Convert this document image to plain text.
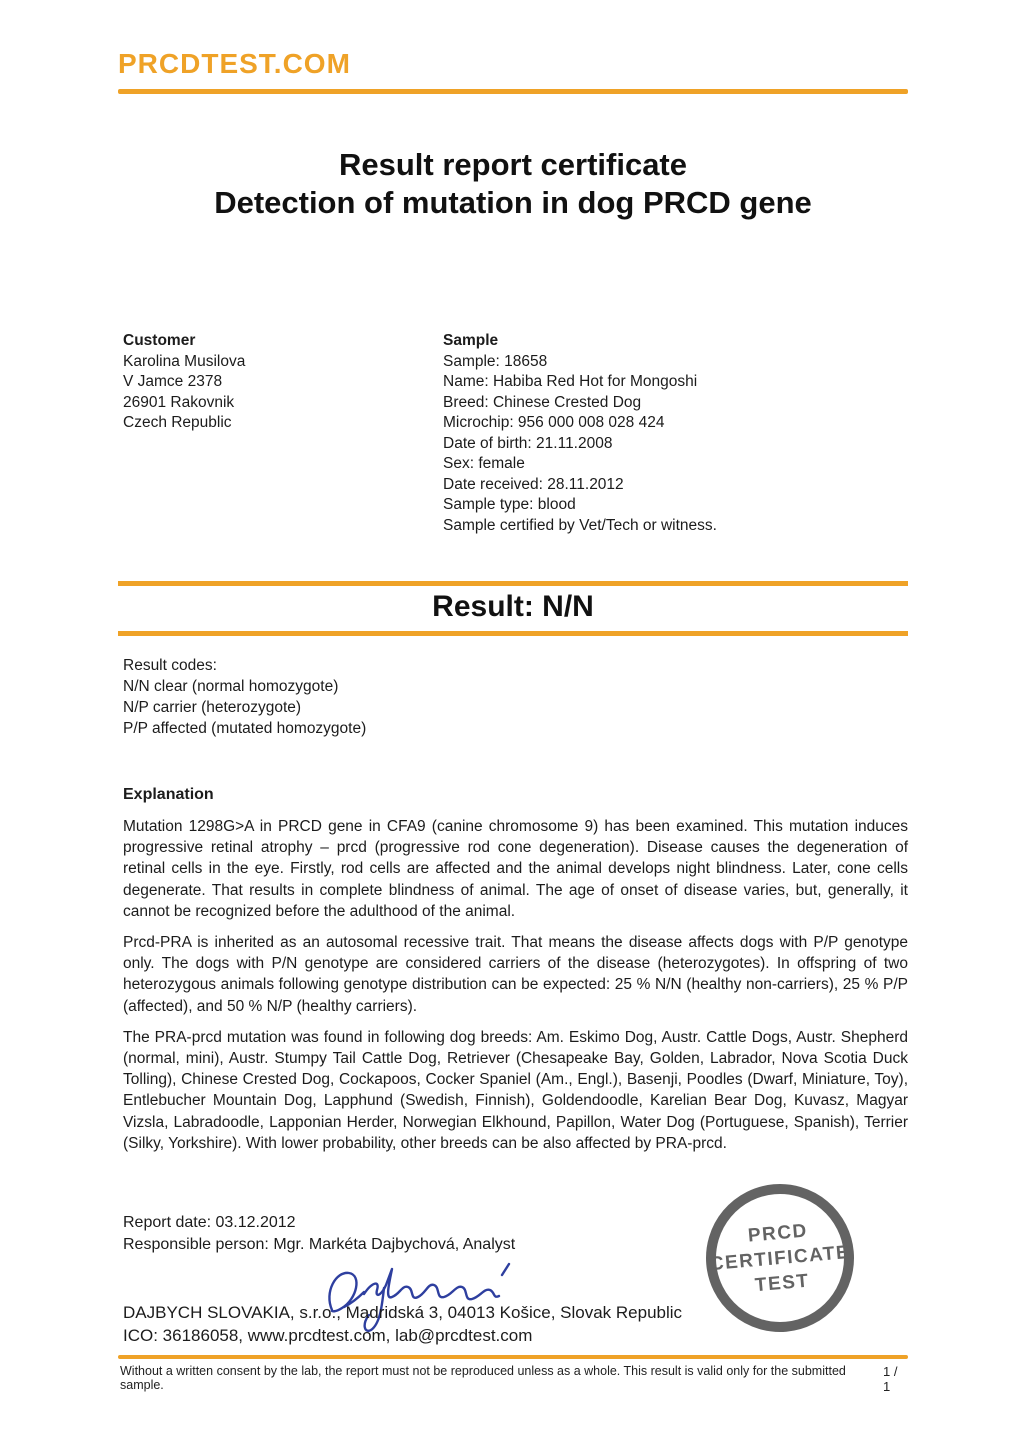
PRCDTEST.COM
Result report certificate
Detection of mutation in dog PRCD gene
Customer
Karolina Musilova
V Jamce 2378
26901 Rakovnik
Czech Republic
Sample
Sample: 18658
Name: Habiba Red Hot for Mongoshi
Breed: Chinese Crested Dog
Microchip: 956 000 008 028 424
Date of birth: 21.11.2008
Sex: female
Date received: 28.11.2012
Sample type: blood
Sample certified by Vet/Tech or witness.
Result: N/N
Result codes:
N/N clear (normal homozygote)
N/P carrier (heterozygote)
P/P affected (mutated homozygote)
Explanation

Mutation 1298G>A in PRCD gene in CFA9 (canine chromosome 9) has been examined. This mutation induces progressive retinal atrophy – prcd (progressive rod cone degeneration). Disease causes the degeneration of retinal cells in the eye. Firstly, rod cells are affected and the animal develops night blindness. Later, cone cells degenerate. That results in complete blindness of animal. The age of onset of disease varies, but, generally, it cannot be recognized before the adulthood of the animal.

Prcd-PRA is inherited as an autosomal recessive trait. That means the disease affects dogs with P/P genotype only. The dogs with P/N genotype are considered carriers of the disease (heterozygotes). In offspring of two heterozygous animals following genotype distribution can be expected: 25 % N/N (healthy non-carriers), 25 % P/P (affected), and 50 % N/P (healthy carriers).

The PRA-prcd mutation was found in following dog breeds: Am. Eskimo Dog, Austr. Cattle Dogs, Austr. Shepherd (normal, mini), Austr. Stumpy Tail Cattle Dog, Retriever (Chesapeake Bay, Golden, Labrador, Nova Scotia Duck Tolling), Chinese Crested Dog, Cockapoos, Cocker Spaniel (Am., Engl.), Basenji, Poodles (Dwarf, Miniature, Toy), Entlebucher Mountain Dog, Lapphund (Swedish, Finnish), Goldendoodle, Karelian Bear Dog, Kuvasz, Magyar Vizsla, Labradoodle, Lapponian Herder, Norwegian Elkhound, Papillon, Water Dog (Portuguese, Spanish), Terrier (Silky, Yorkshire). With lower probability, other breeds can be also affected by PRA-prcd.

Report date: 03.12.2012
Responsible person: Mgr. Markéta Dajbychová, Analyst
DAJBYCH SLOVAKIA, s.r.o., Madridská 3, 04013 Košice, Slovak Republic
ICO: 36186058, www.prcdtest.com, lab@prcdtest.com
PRCD
CERTIFICATE
TEST
Without a written consent by the lab, the report must not be reproduced unless as a whole. This result is valid only for the submitted sample.
1 / 1
